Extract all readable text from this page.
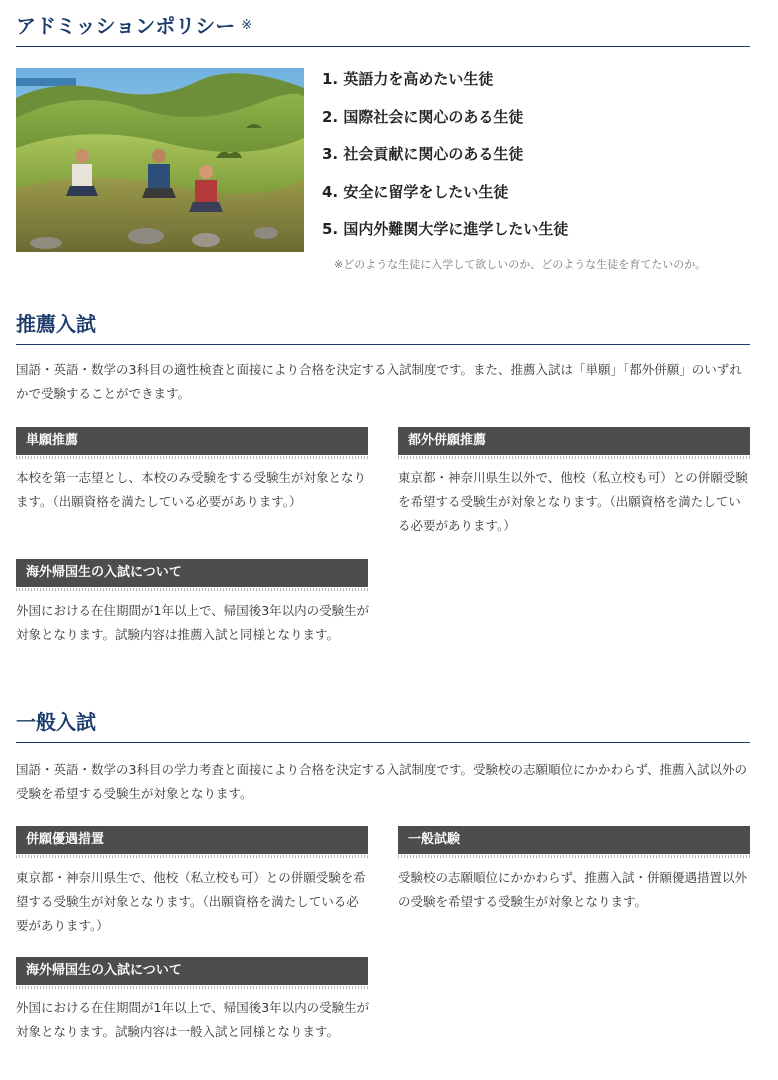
アドミッションポリシー ※
1. 英語力を高めたい生徒
2. 国際社会に関心のある生徒
3. 社会貢献に関心のある生徒
4. 安全に留学をしたい生徒
5. 国内外難関大学に進学したい生徒
※どのような生徒に入学して欲しいのか、どのような生徒を育てたいのか。
推薦入試
国語・英語・数学の3科目の適性検査と面接により合格を決定する入試制度です。また、推薦入試は「単願」「都外併願」のいずれかで受験することができます。
単願推薦
本校を第一志望とし、本校のみ受験をする受験生が対象となります。（出願資格を満たしている必要があります。）
都外併願推薦
東京都・神奈川県生以外で、他校（私立校も可）との併願受験を希望する受験生が対象となります。（出願資格を満たしている必要があります。）
海外帰国生の入試について
外国における在住期間が1年以上で、帰国後3年以内の受験生が対象となります。試験内容は推薦入試と同様となります。
一般入試
国語・英語・数学の3科目の学力考査と面接により合格を決定する入試制度です。受験校の志願順位にかかわらず、推薦入試以外の受験を希望する受験生が対象となります。
併願優遇措置
東京都・神奈川県生で、他校（私立校も可）との併願受験を希望する受験生が対象となります。（出願資格を満たしている必要があります。）
一般試験
受験校の志願順位にかかわらず、推薦入試・併願優遇措置以外の受験を希望する受験生が対象となります。
海外帰国生の入試について
外国における在住期間が1年以上で、帰国後3年以内の受験生が対象となります。試験内容は一般入試と同様となります。
